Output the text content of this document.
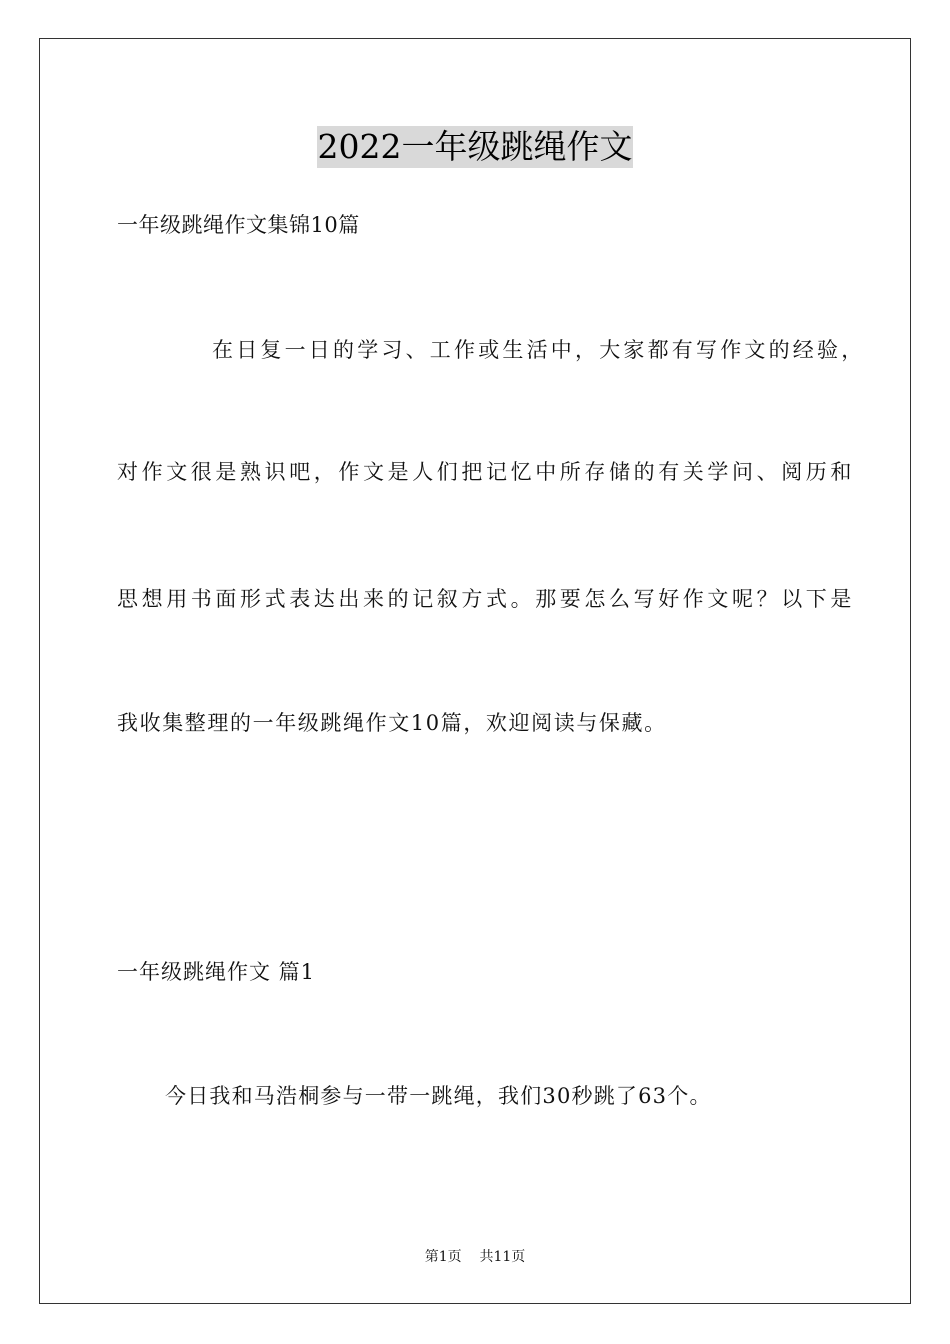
2022一年级跳绳作文
一年级跳绳作文集锦10篇
在日复一日的学习、工作或生活中，大家都有写作文的经验，
对作文很是熟识吧，作文是人们把记忆中所存储的有关学问、阅历和
思想用书面形式表达出来的记叙方式。那要怎么写好作文呢？以下是
我收集整理的一年级跳绳作文10篇，欢迎阅读与保藏。
一年级跳绳作文 篇1
今日我和马浩桐参与一带一跳绳，我们30秒跳了63个。
第1页 共11页
